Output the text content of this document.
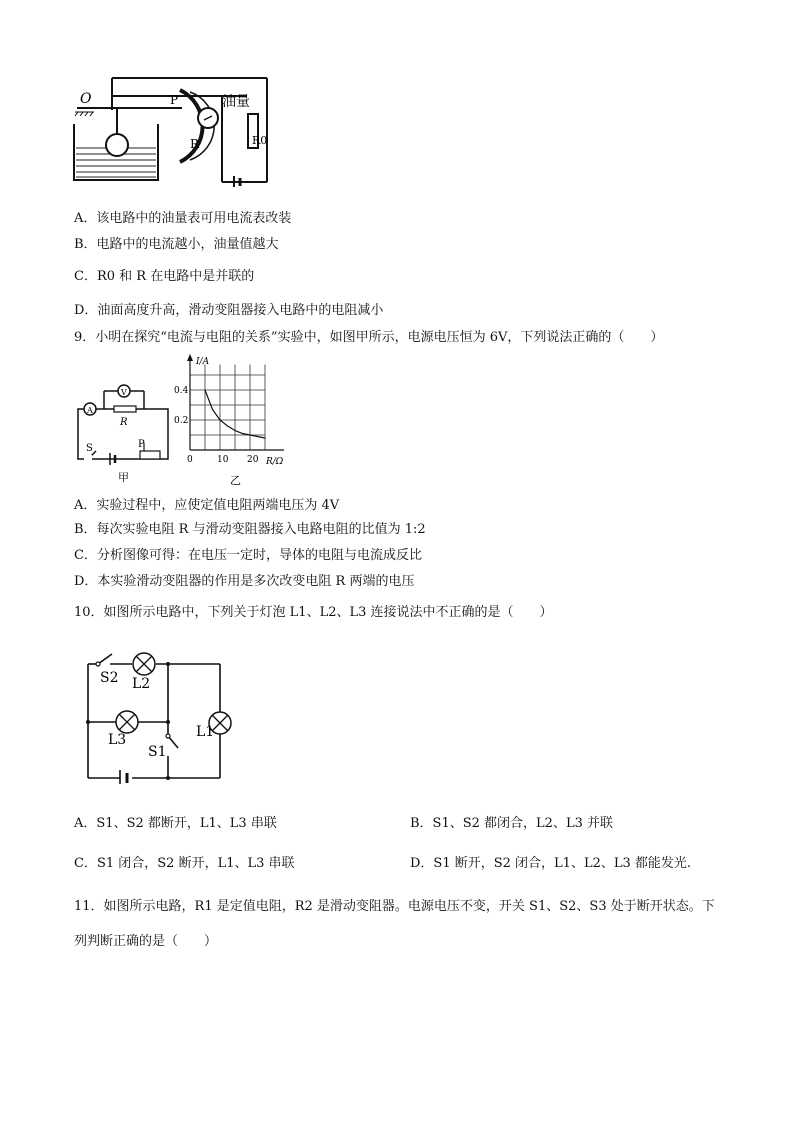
O	P
R
油量
R0
A．该电路中的油量表可用电流表改装
B．电路中的电流越小，油量值越大
C．R0 和 R 在电路中是并联的
D．油面高度升高，滑动变阻器接入电路中的电阻减小
9．小明在探究“电流与电阻的关系”实验中，如图甲所示，电源电压恒为 6V，下列说法正确的（　　）
V
A
R
S	P
甲
0	10 20
0.2
0.4
I/A
R/Ω
乙
A．实验过程中，应使定值电阻两端电压为 4V
B．每次实验电阻 R 与滑动变阻器接入电路电阻的比值为 1:2
C．分析图像可得：在电压一定时，导体的电阻与电流成反比
D．本实验滑动变阻器的作用是多次改变电阻 R 两端的电压
10．如图所示电路中，下列关于灯泡 L1、L2、L3 连接说法中不正确的是（　　）
S2 L2
L3
S1
L1
A．S1、S2 都断开，L1、L3 串联	B．S1、S2 都闭合，L2、L3 并联
C．S1 闭合，S2 断开，L1、L3 串联	D．S1 断开，S2 闭合，L1、L2、L3 都能发光.
11．如图所示电路，R1 是定值电阻，R2 是滑动变阻器。电源电压不变，开关 S1、S2、S3 处于断开状态。下
列判断正确的是（　　）
